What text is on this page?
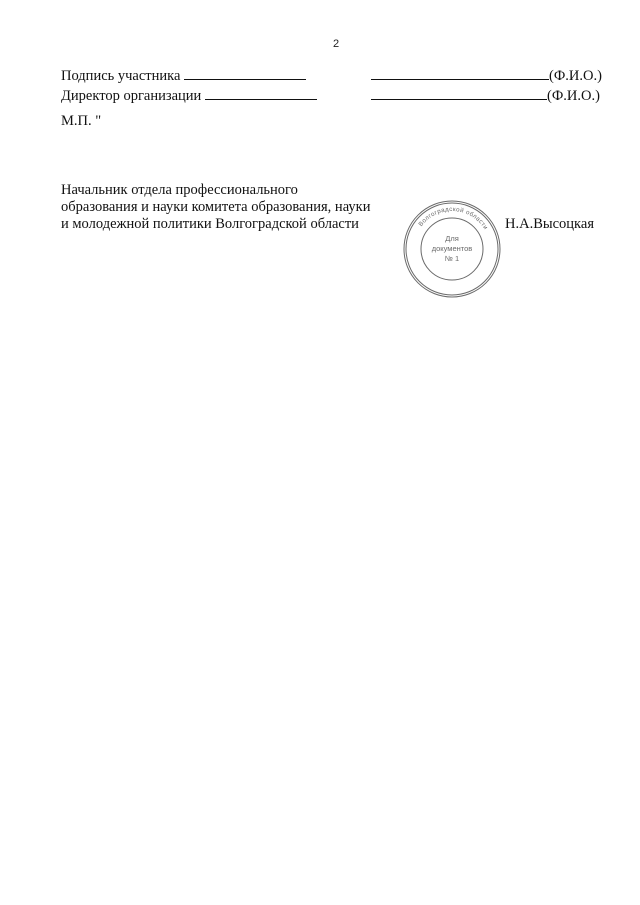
2
Подпись участника	(Ф.И.О.)
Директор организации	(Ф.И.О.)
М.П. "
Начальник отдела профессионального
образования и науки комитета образования, науки
и молодежной политики Волгоградской области	Волгоградской области
Для
документов
№ 1
Н.А.Высоцкая
